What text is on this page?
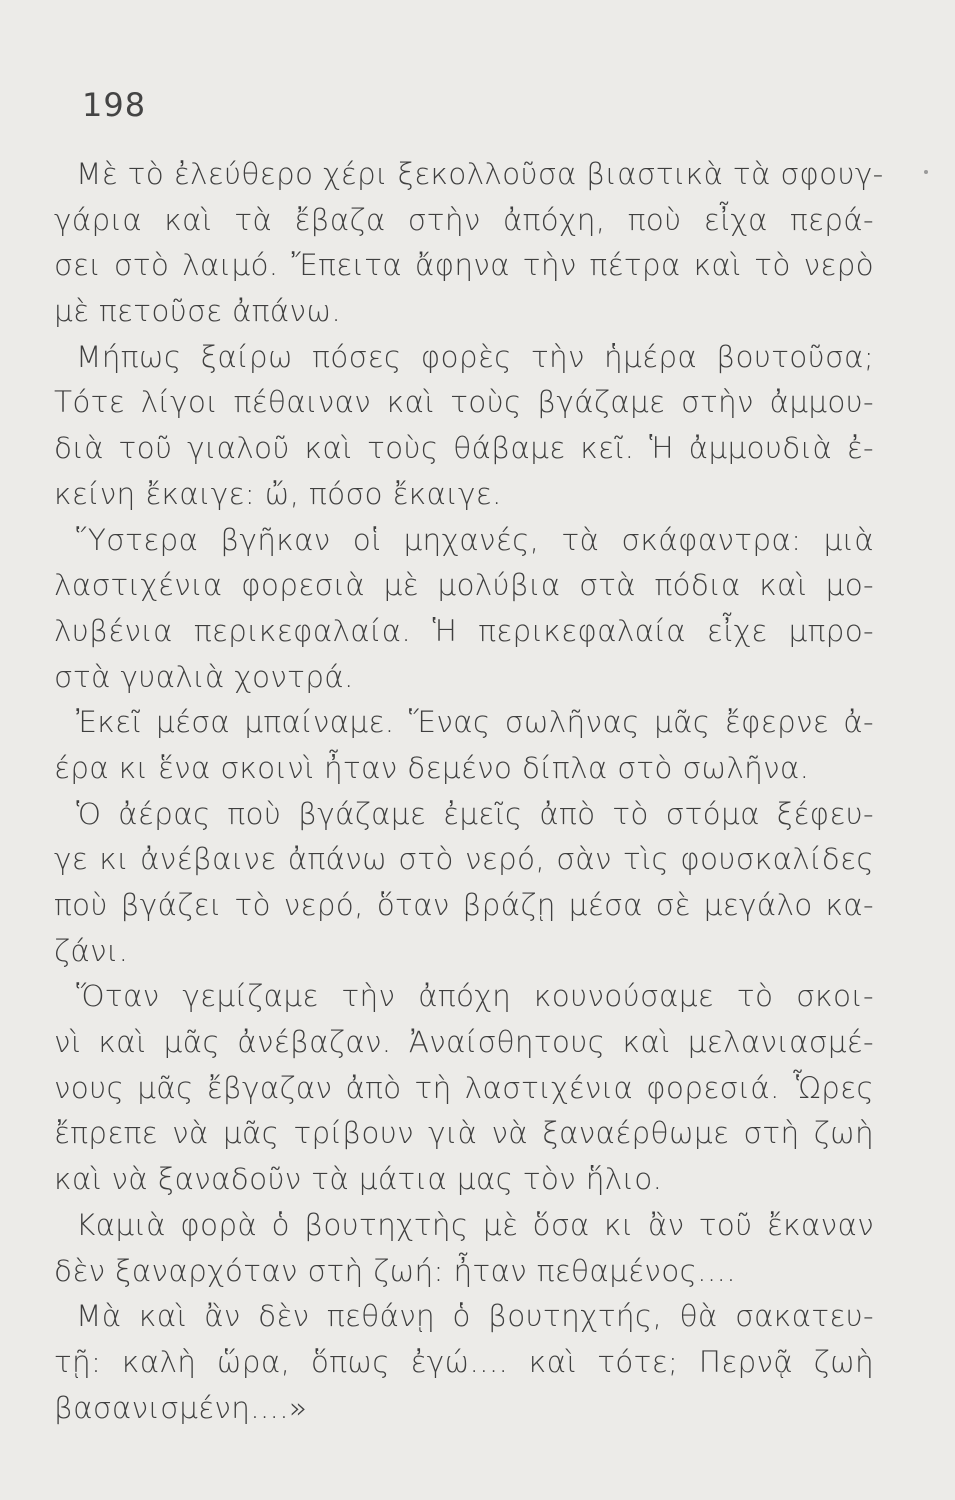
198
Μὲ τὸ ἐλεύθερο χέρι ξεκολλοῦσα βιαστικὰ τὰ σφουγ-
γάρια καὶ τὰ ἔβαζα στὴν ἀπόχη, ποὺ εἶχα περά-
σει στὸ λαιμό. Ἔπειτα ἄφηνα τὴν πέτρα καὶ τὸ νερὸ
μὲ πετοῦσε ἀπάνω.
Μήπως ξαίρω πόσες φορὲς τὴν ἡμέρα βουτοῦσα;
Τότε λίγοι πέθαιναν καὶ τοὺς βγάζαμε στὴν ἀμμου-
διὰ τοῦ γιαλοῦ καὶ τοὺς θάβαμε κεῖ. Ἡ ἀμμουδιὰ ἐ-
κείνη ἔκαιγε: ὤ, πόσο ἔκαιγε.
Ὕστερα βγῆκαν οἱ μηχανές, τὰ σκάφαντρα: μιὰ
λαστιχένια φορεσιὰ μὲ μολύβια στὰ πόδια καὶ μο-
λυβένια περικεφαλαία. Ἡ περικεφαλαία εἶχε μπρο-
στὰ γυαλιὰ χοντρά.
Ἐκεῖ μέσα μπαίναμε. Ἕνας σωλῆνας μᾶς ἔφερνε ἀ-
έρα κι ἕνα σκοινὶ ἦταν δεμένο δίπλα στὸ σωλῆνα.
Ὁ ἀέρας ποὺ βγάζαμε ἐμεῖς ἀπὸ τὸ στόμα ξέφευ-
γε κι ἀνέβαινε ἀπάνω στὸ νερό, σὰν τὶς φουσκαλίδες
ποὺ βγάζει τὸ νερό, ὅταν βράζῃ μέσα σὲ μεγάλο κα-
ζάνι.
Ὅταν γεμίζαμε τὴν ἀπόχη κουνούσαμε τὸ σκοι-
νὶ καὶ μᾶς ἀνέβαζαν. Ἀναίσθητους καὶ μελανιασμέ-
νους μᾶς ἔβγαζαν ἀπὸ τὴ λαστιχένια φορεσιά. Ὧρες
ἔπρεπε νὰ μᾶς τρίβουν γιὰ νὰ ξαναέρθωμε στὴ ζωὴ
καὶ νὰ ξαναδοῦν τὰ μάτια μας τὸν ἥλιο.
Καμιὰ φορὰ ὁ βουτηχτὴς μὲ ὅσα κι ἂν τοῦ ἔκαναν
δὲν ξαναρχόταν στὴ ζωή: ἦταν πεθαμένος....
Μὰ καὶ ἂν δὲν πεθάνῃ ὁ βουτηχτής, θὰ σακατευ-
τῇ: καλὴ ὥρα, ὅπως ἐγώ.... καὶ τότε; Περνᾷ ζωὴ
βασανισμένη....»
